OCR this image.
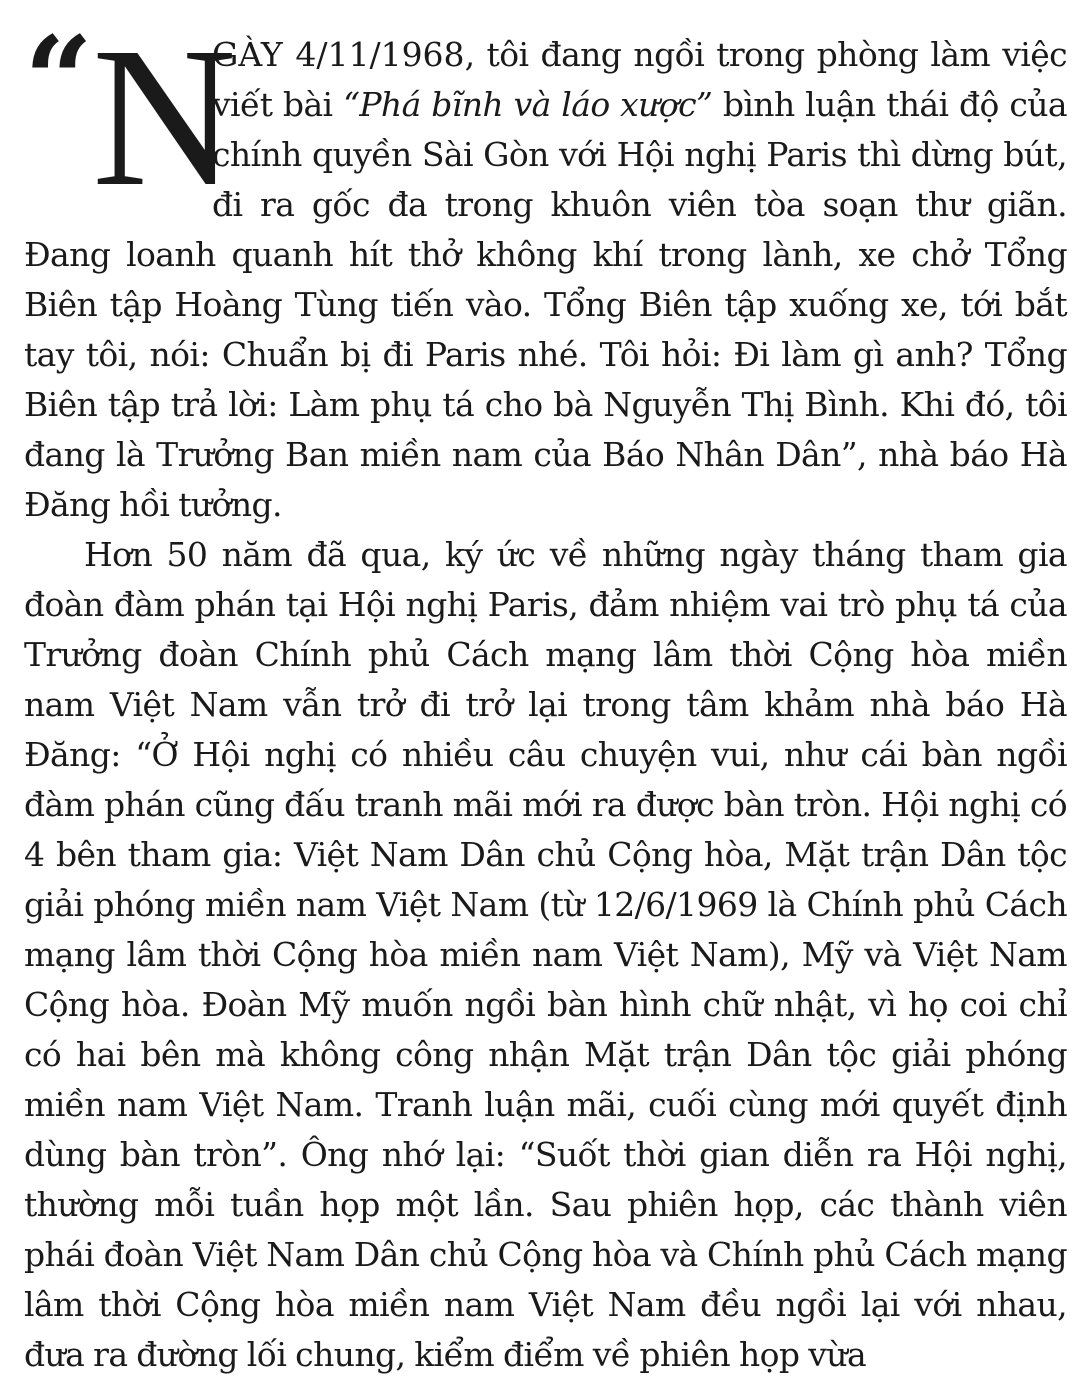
“ N
GÀY 4/11/1968, tôi đang ngồi trong phòng làm việc viết bài “Phá bĩnh và láo xược” bình luận thái độ của chính quyền Sài Gòn với Hội nghị Paris thì dừng bút, đi ra gốc đa trong khuôn viên tòa soạn thư giãn. Đang loanh quanh hít thở không khí trong lành, xe chở Tổng Biên tập Hoàng Tùng tiến vào. Tổng Biên tập xuống xe, tới bắt tay tôi, nói: Chuẩn bị đi Paris nhé. Tôi hỏi: Đi làm gì anh? Tổng Biên tập trả lời: Làm phụ tá cho bà Nguyễn Thị Bình. Khi đó, tôi đang là Trưởng Ban miền nam của Báo Nhân Dân”, nhà báo Hà Đăng hồi tưởng.

Hơn 50 năm đã qua, ký ức về những ngày tháng tham gia đoàn đàm phán tại Hội nghị Paris, đảm nhiệm vai trò phụ tá của Trưởng đoàn Chính phủ Cách mạng lâm thời Cộng hòa miền nam Việt Nam vẫn trở đi trở lại trong tâm khảm nhà báo Hà Đăng: “Ở Hội nghị có nhiều câu chuyện vui, như cái bàn ngồi đàm phán cũng đấu tranh mãi mới ra được bàn tròn. Hội nghị có 4 bên tham gia: Việt Nam Dân chủ Cộng hòa, Mặt trận Dân tộc giải phóng miền nam Việt Nam (từ 12/6/1969 là Chính phủ Cách mạng lâm thời Cộng hòa miền nam Việt Nam), Mỹ và Việt Nam Cộng hòa. Đoàn Mỹ muốn ngồi bàn hình chữ nhật, vì họ coi chỉ có hai bên mà không công nhận Mặt trận Dân tộc giải phóng miền nam Việt Nam. Tranh luận mãi, cuối cùng mới quyết định dùng bàn tròn”. Ông nhớ lại: “Suốt thời gian diễn ra Hội nghị, thường mỗi tuần họp một lần. Sau phiên họp, các thành viên phái đoàn Việt Nam Dân chủ Cộng hòa và Chính phủ Cách mạng lâm thời Cộng hòa miền nam Việt Nam đều ngồi lại với nhau, đưa ra đường lối chung, kiểm điểm về phiên họp vừa
